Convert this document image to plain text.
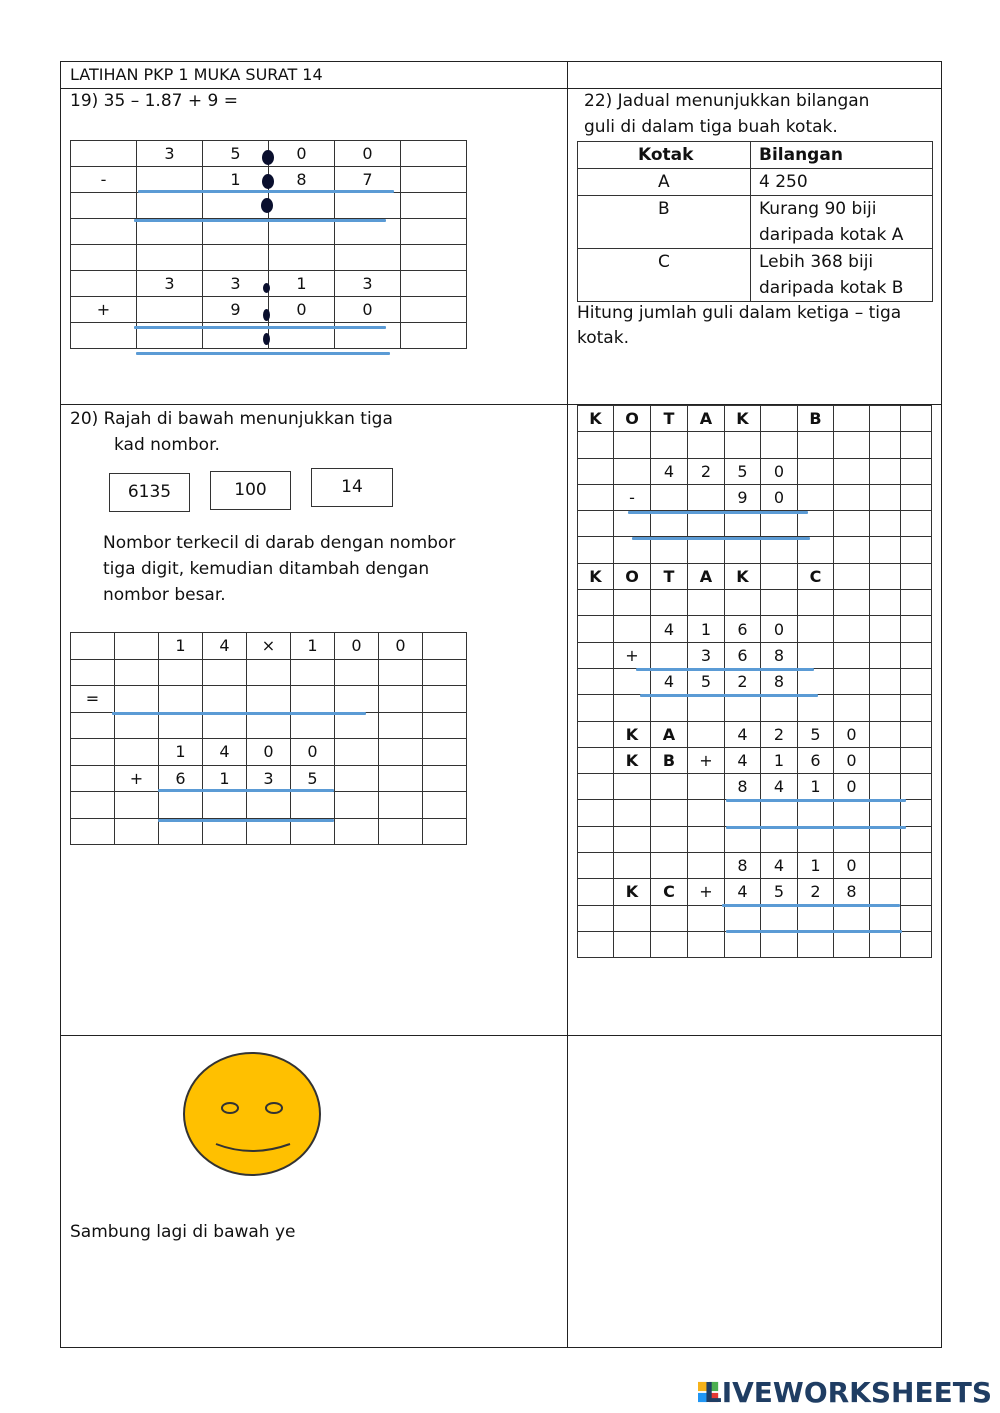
LATIHAN PKP 1 MUKA SURAT 14
19) 35 – 1.87 + 9 =
	3	5	0	0	
-		1	8	7	

	3	3	1	3	
+		9	0	0	

20) Rajah di bawah menunjukkan tiga
kad nombor.
6135	100	14
Nombor terkecil di darab dengan nombor
tiga digit, kemudian ditambah dengan
nombor besar.
		1	4	×	1	0	0	

=								

		1	4	0	0			
	+	6	1	3	5			

22) Jadual menunjukkan bilangan
guli di dalam tiga buah kotak.
Kotak	Bilangan
A	4 250
B	Kurang 90 biji
daripada kotak A

C	Lebih 368 biji
daripada kotak B
Hitung jumlah guli dalam ketiga – tiga
kotak.
K	O	T	A	K		B			

		4	2	5	0				
	-			9	0				

K	O	T	A	K		C			

		4	1	6	0				
	+		3	6	8				
		4	5	2	8				

	K	A		4	2	5	0		
	K	B	+	4	1	6	0		
				8	4	1	0		

				8	4	1	0		
	K	C	+	4	5	2	8		

Sambung lagi di bawah ye
LIVEWORKSHEETS
